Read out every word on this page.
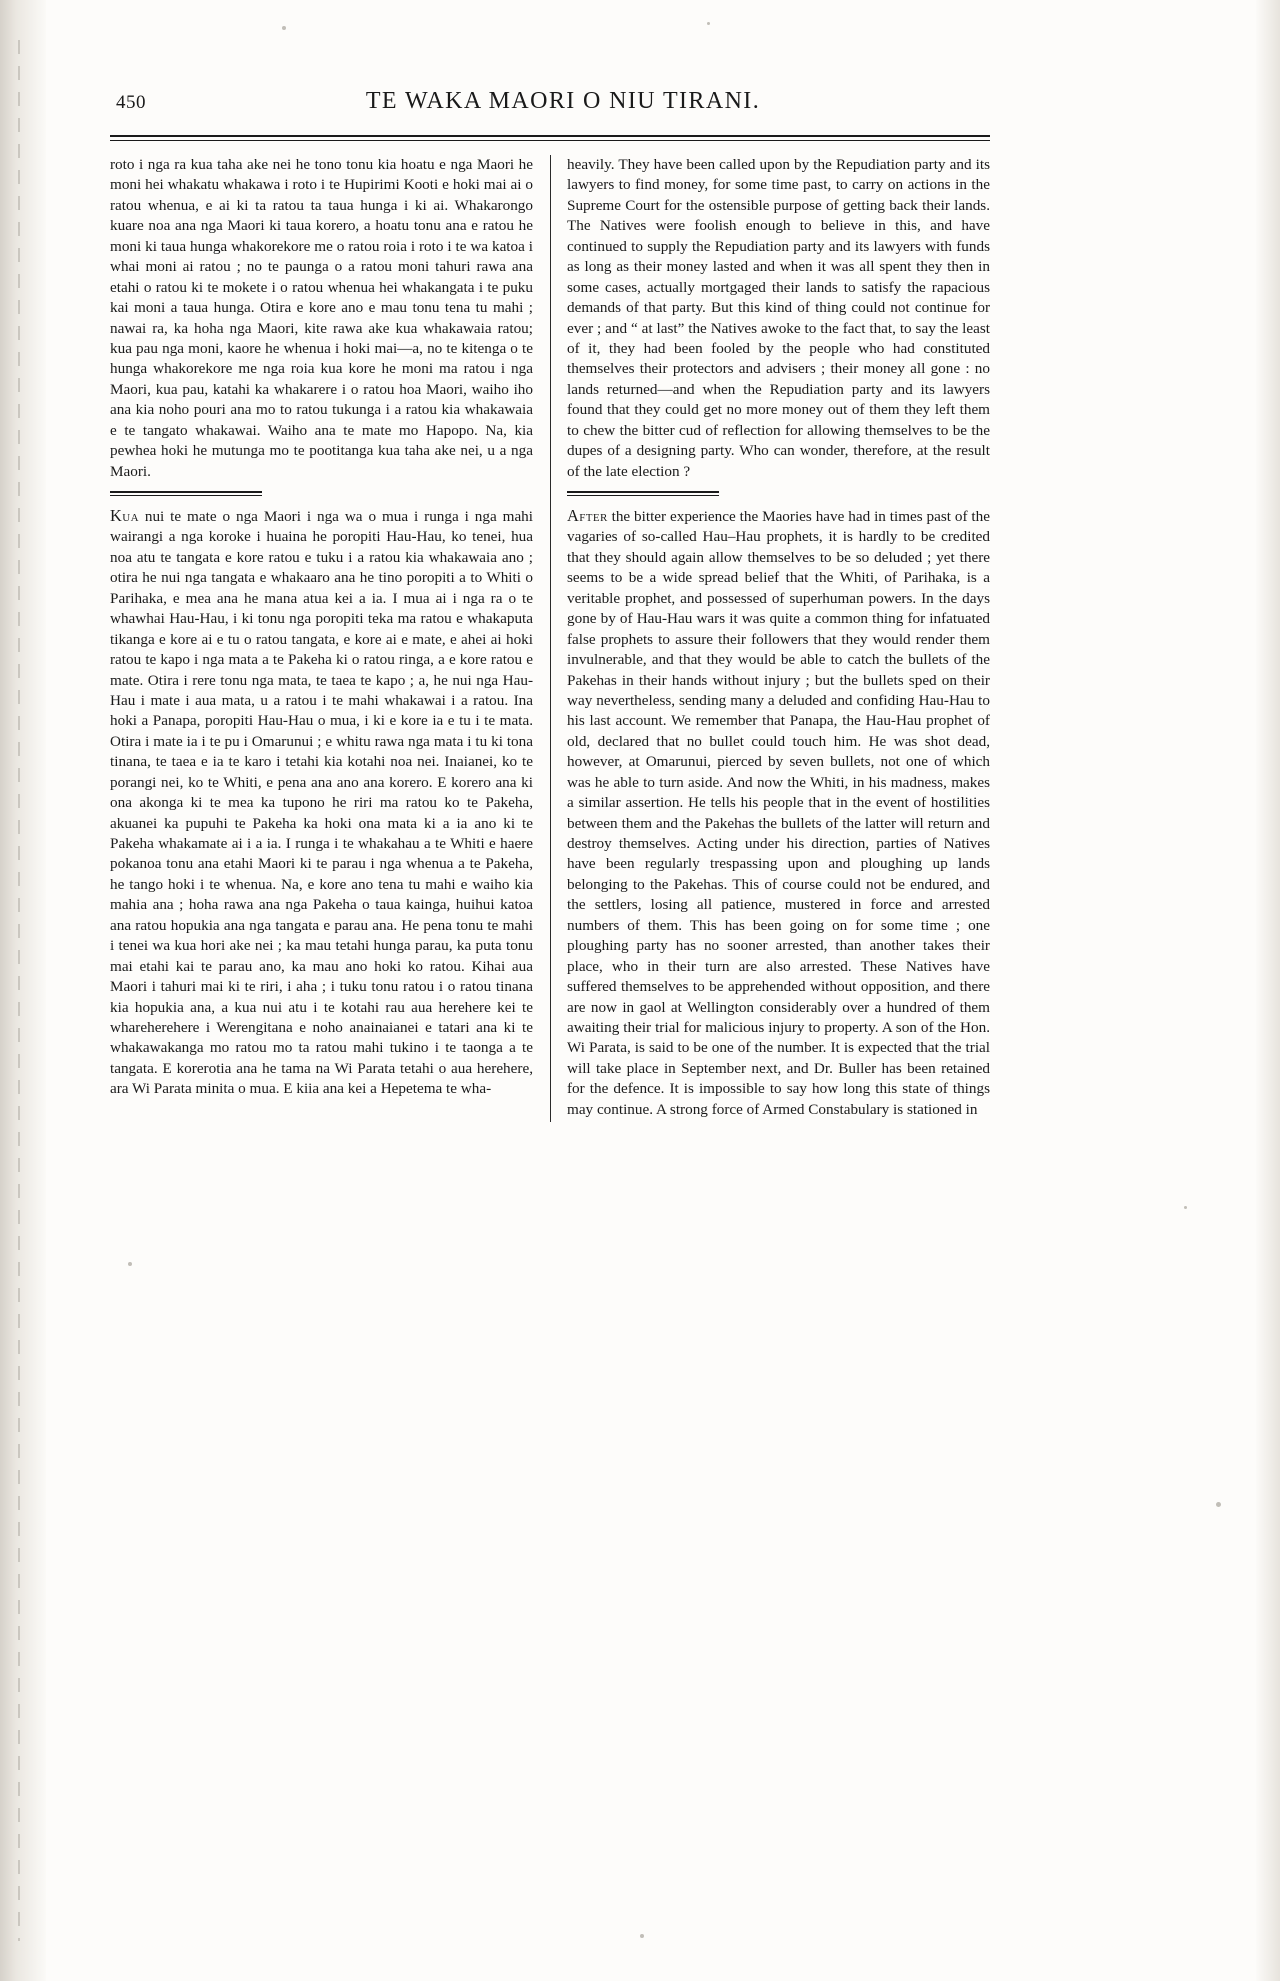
450	TE WAKA MAORI O NIU TIRANI.

roto i nga ra kua taha ake nei he tono tonu kia hoatu e nga Maori he moni hei whakatu whakawa i roto i te Hupirimi Kooti e hoki mai ai o ratou whenua, e ai ki ta ratou ta taua hunga i ki ai. Whakarongo kuare noa ana nga Maori ki taua korero, a hoatu tonu ana e ratou he moni ki taua hunga whakorekore me o ratou roia i roto i te wa katoa i whai moni ai ratou ; no te paunga o a ratou moni tahuri rawa ana etahi o ratou ki te mokete i o ratou whenua hei whakangata i te puku kai moni a taua hunga. Otira e kore ano e mau tonu tena tu mahi ; nawai ra, ka hoha nga Maori, kite rawa ake kua whakawaia ratou; kua pau nga moni, kaore he whenua i hoki mai—a, no te kitenga o te hunga whakorekore me nga roia kua kore he moni ma ratou i nga Maori, kua pau, katahi ka whakarere i o ratou hoa Maori, waiho iho ana kia noho pouri ana mo to ratou tukunga i a ratou kia whakawaia e te tangato whakawai. Waiho ana te mate mo Hapopo. Na, kia pewhea hoki he mutunga mo te pootitanga kua taha ake nei, u a nga Maori.

Kua nui te mate o nga Maori i nga wa o mua i runga i nga mahi wairangi a nga koroke i huaina he poropiti Hau-Hau, ko tenei, hua noa atu te tangata e kore ratou e tuku i a ratou kia whakawaia ano ; otira he nui nga tangata e whakaaro ana he tino poropiti a to Whiti o Parihaka, e mea ana he mana atua kei a ia. I mua ai i nga ra o te whawhai Hau-Hau, i ki tonu nga poropiti teka ma ratou e whakaputa tikanga e kore ai e tu o ratou tangata, e kore ai e mate, e ahei ai hoki ratou te kapo i nga mata a te Pakeha ki o ratou ringa, a e kore ratou e mate. Otira i rere tonu nga mata, te taea te kapo ; a, he nui nga Hau-Hau i mate i aua mata, u a ratou i te mahi whakawai i a ratou. Ina hoki a Panapa, poropiti Hau-Hau o mua, i ki e kore ia e tu i te mata. Otira i mate ia i te pu i Omarunui ; e whitu rawa nga mata i tu ki tona tinana, te taea e ia te karo i tetahi kia kotahi noa nei. Inaianei, ko te porangi nei, ko te Whiti, e pena ana ano ana korero. E korero ana ki ona akonga ki te mea ka tupono he riri ma ratou ko te Pakeha, akuanei ka pupuhi te Pakeha ka hoki ona mata ki a ia ano ki te Pakeha whakamate ai i a ia. I runga i te whakahau a te Whiti e haere pokanoa tonu ana etahi Maori ki te parau i nga whenua a te Pakeha, he tango hoki i te whenua. Na, e kore ano tena tu mahi e waiho kia mahia ana ; hoha rawa ana nga Pakeha o taua kainga, huihui katoa ana ratou hopukia ana nga tangata e parau ana. He pena tonu te mahi i tenei wa kua hori ake nei ; ka mau tetahi hunga parau, ka puta tonu mai etahi kai te parau ano, ka mau ano hoki ko ratou. Kihai aua Maori i tahuri mai ki te riri, i aha ; i tuku tonu ratou i o ratou tinana kia hopukia ana, a kua nui atu i te kotahi rau aua herehere kei te whareherehere i Werengitana e noho anainaianei e tatari ana ki te whakawakanga mo ratou mo ta ratou mahi tukino i te taonga a te tangata. E korerotia ana he tama na Wi Parata tetahi o aua herehere, ara Wi Parata minita o mua. E kiia ana kei a Hepetema te wha-

heavily. They have been called upon by the Repudiation party and its lawyers to find money, for some time past, to carry on actions in the Supreme Court for the ostensible purpose of getting back their lands. The Natives were foolish enough to believe in this, and have continued to supply the Repudiation party and its lawyers with funds as long as their money lasted and when it was all spent they then in some cases, actually mortgaged their lands to satisfy the rapacious demands of that party. But this kind of thing could not continue for ever ; and “ at last” the Natives awoke to the fact that, to say the least of it, they had been fooled by the people who had constituted themselves their protectors and advisers ; their money all gone : no lands returned—and when the Repudiation party and its lawyers found that they could get no more money out of them they left them to chew the bitter cud of reflection for allowing themselves to be the dupes of a designing party. Who can wonder, therefore, at the result of the late election ?

After the bitter experience the Maories have had in times past of the vagaries of so-called Hau–Hau prophets, it is hardly to be credited that they should again allow themselves to be so deluded ; yet there seems to be a wide spread belief that the Whiti, of Parihaka, is a veritable prophet, and possessed of superhuman powers. In the days gone by of Hau-Hau wars it was quite a common thing for infatuated false prophets to assure their followers that they would render them invulnerable, and that they would be able to catch the bullets of the Pakehas in their hands without injury ; but the bullets sped on their way nevertheless, sending many a deluded and confiding Hau-Hau to his last account. We remember that Panapa, the Hau-Hau prophet of old, declared that no bullet could touch him. He was shot dead, however, at Omarunui, pierced by seven bullets, not one of which was he able to turn aside. And now the Whiti, in his madness, makes a similar assertion. He tells his people that in the event of hostilities between them and the Pakehas the bullets of the latter will return and destroy themselves. Acting under his direction, parties of Natives have been regularly trespassing upon and ploughing up lands belonging to the Pakehas. This of course could not be endured, and the settlers, losing all patience, mustered in force and arrested numbers of them. This has been going on for some time ; one ploughing party has no sooner arrested, than another takes their place, who in their turn are also arrested. These Natives have suffered themselves to be apprehended without opposition, and there are now in gaol at Wellington considerably over a hundred of them awaiting their trial for malicious injury to property. A son of the Hon. Wi Parata, is said to be one of the number. It is expected that the trial will take place in September next, and Dr. Buller has been retained for the defence. It is impossible to say how long this state of things may continue. A strong force of Armed Constabulary is stationed in
